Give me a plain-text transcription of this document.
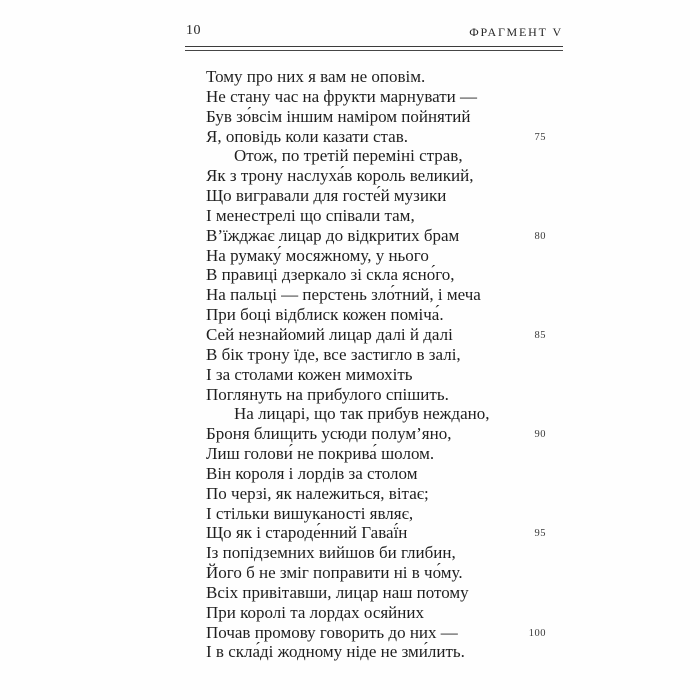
10	ФРАГМЕНТ V
Тому про них я вам не оповім.
Не стану час на фрукти марнувати —
Був зо́всім іншим наміром пойнятий
Я, оповідь коли казати став.	75
Отож, по третій переміні страв,
Як з трону наслуха́в король великий,
Що вигравали для госте́й музики
І менестрелі що співали там,
В’їжджає лицар до відкритих брам	80
На румаку́ мосяжному, у нього
В правиці дзеркало зі скла ясно́го,
На пальці — перстень зло́тний, і меча
При боці відблиск кожен поміча́.
Сей незнайомий лицар далі й далі	85
В бік трону їде, все застигло в залі,
І за столами кожен мимохіть
Поглянуть на прибулого спішить.
На лицарі, що так прибув неждано,
Броня блищить усюди полум’яно,	90
Лиш голови́ не покрива́ шолом.
Він короля і лордів за столом
По черзі, як належиться, вітає;
І стільки вишуканості являє,
Що як і староде́нний Гаваї́н	95
Із попідземних вийшов би глибин,
Його б не зміг поправити ні в чо́му.
Всіх привітавши, лицар наш потому
При королі та лордах осяйних
Почав промову говорить до них —	100
І в скла́ді жодному ніде не зми́лить.
